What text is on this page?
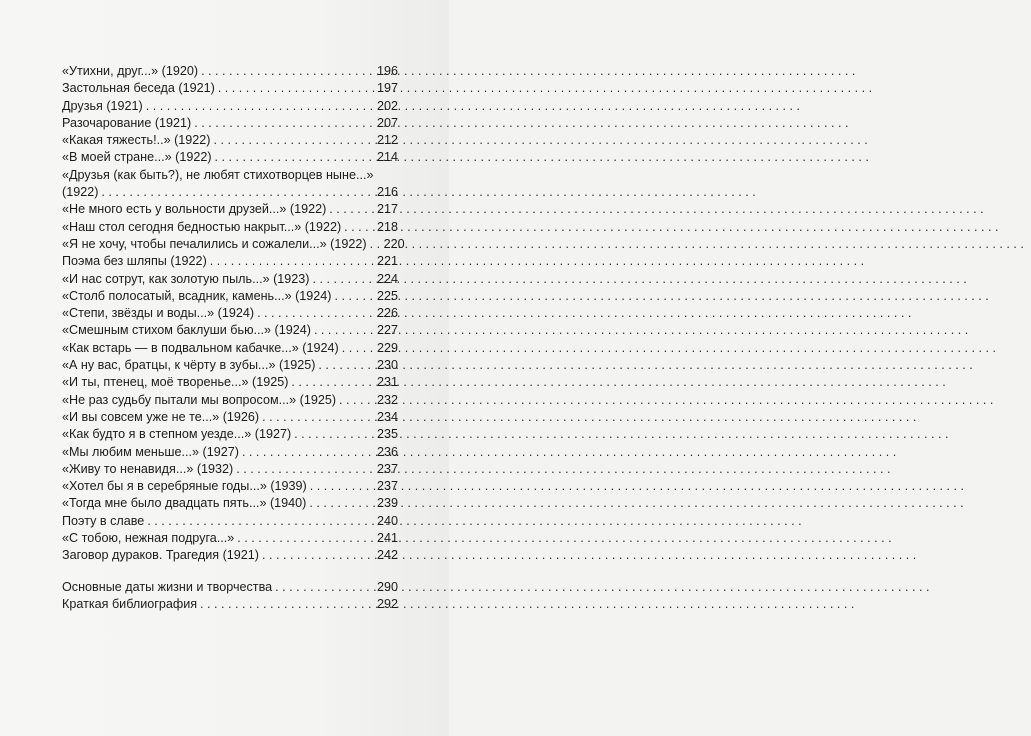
«Утихни, друг...» (1920) . . .	196
Застольная беседа (1921) . . .	197
Друзья (1921) . . .	202
Разочарование (1921) . . .	207
«Какая тяжесть!..» (1922) . . .	212
«В моей стране...» (1922) . . .	214
«Друзья (как быть?), не любят стихотворцев ныне...»
(1922) . . .	216
«Не много есть у вольности друзей...» (1922) . . .	217
«Наш стол сегодня бедностью накрыт...» (1922) . . .	218
«Я не хочу, чтобы печалились и сожалели...» (1922) . . . 220
Поэма без шляпы (1922) . . .	221
«И нас сотрут, как золотую пыль...» (1923) . . .	224
«Столб полосатый, всадник, камень...» (1924) . . .	225
«Степи, звёзды и воды...» (1924) . . .	226
«Смешным стихом баклуши бью...» (1924) . . .	227
«Как встарь — в подвальном кабачке...» (1924) . . .	229
«А ну вас, братцы, к чёрту в зубы...» (1925) . . .	230
«И ты, птенец, моё творенье...» (1925) . . .	231
«Не раз судьбу пытали мы вопросом...» (1925) . . .	232
«И вы совсем уже не те...» (1926) . . .	234
«Как будто я в степном уезде...» (1927) . . .	235
«Мы любим меньше...» (1927) . . .	236
«Живу то ненавидя...» (1932) . . .	237
«Хотел бы я в серебряные годы...» (1939) . . .	237
«Тогда мне было двадцать пять...» (1940) . . .	239
Поэту в славе . . .	240
«С тобою, нежная подруга...» . . .	241
Заговор дураков. Трагедия (1921) . . .	242
Основные даты жизни и творчества . . .	290
Краткая библиография . . .	292
